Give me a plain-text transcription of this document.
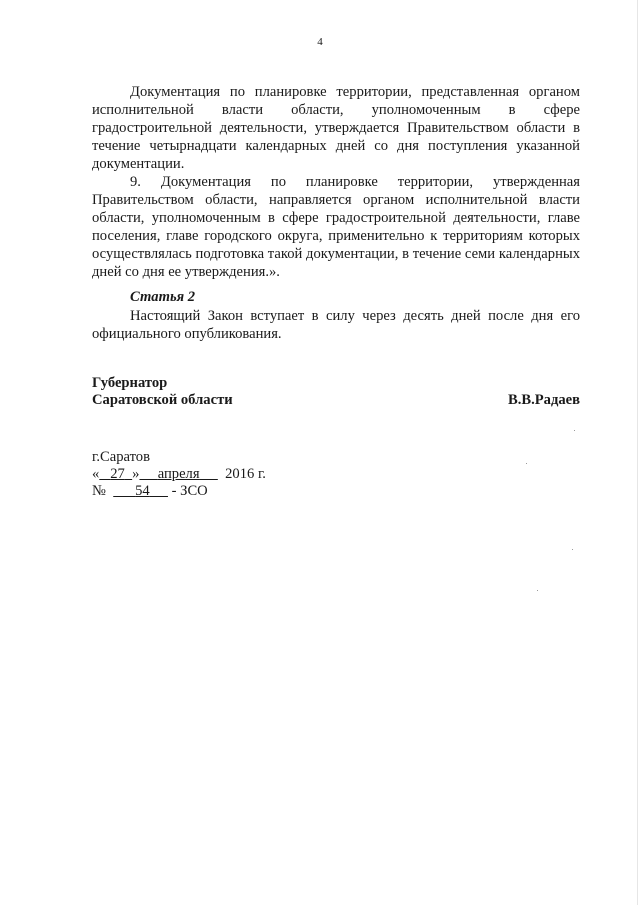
4

Документация по планировке территории, представленная органом исполнительной власти области, уполномоченным в сфере градостроительной деятельности, утверждается Правительством области в течение четырнадцати календарных дней со дня поступления указанной документации.

9. Документация по планировке территории, утвержденная Правительством области, направляется органом исполнительной власти области, уполномоченным в сфере градостроительной деятельности, главе поселения, главе городского округа, применительно к территориям которых осуществлялась подготовка такой документации, в течение семи календарных дней со дня ее утверждения.».

Статья 2

Настоящий Закон вступает в силу через десять дней после дня его официального опубликования.

Губернатор
Саратовской области	В.В.Радаев
г.Саратов
« 27 » апреля 2016 г.
№ 54 - ЗСО
